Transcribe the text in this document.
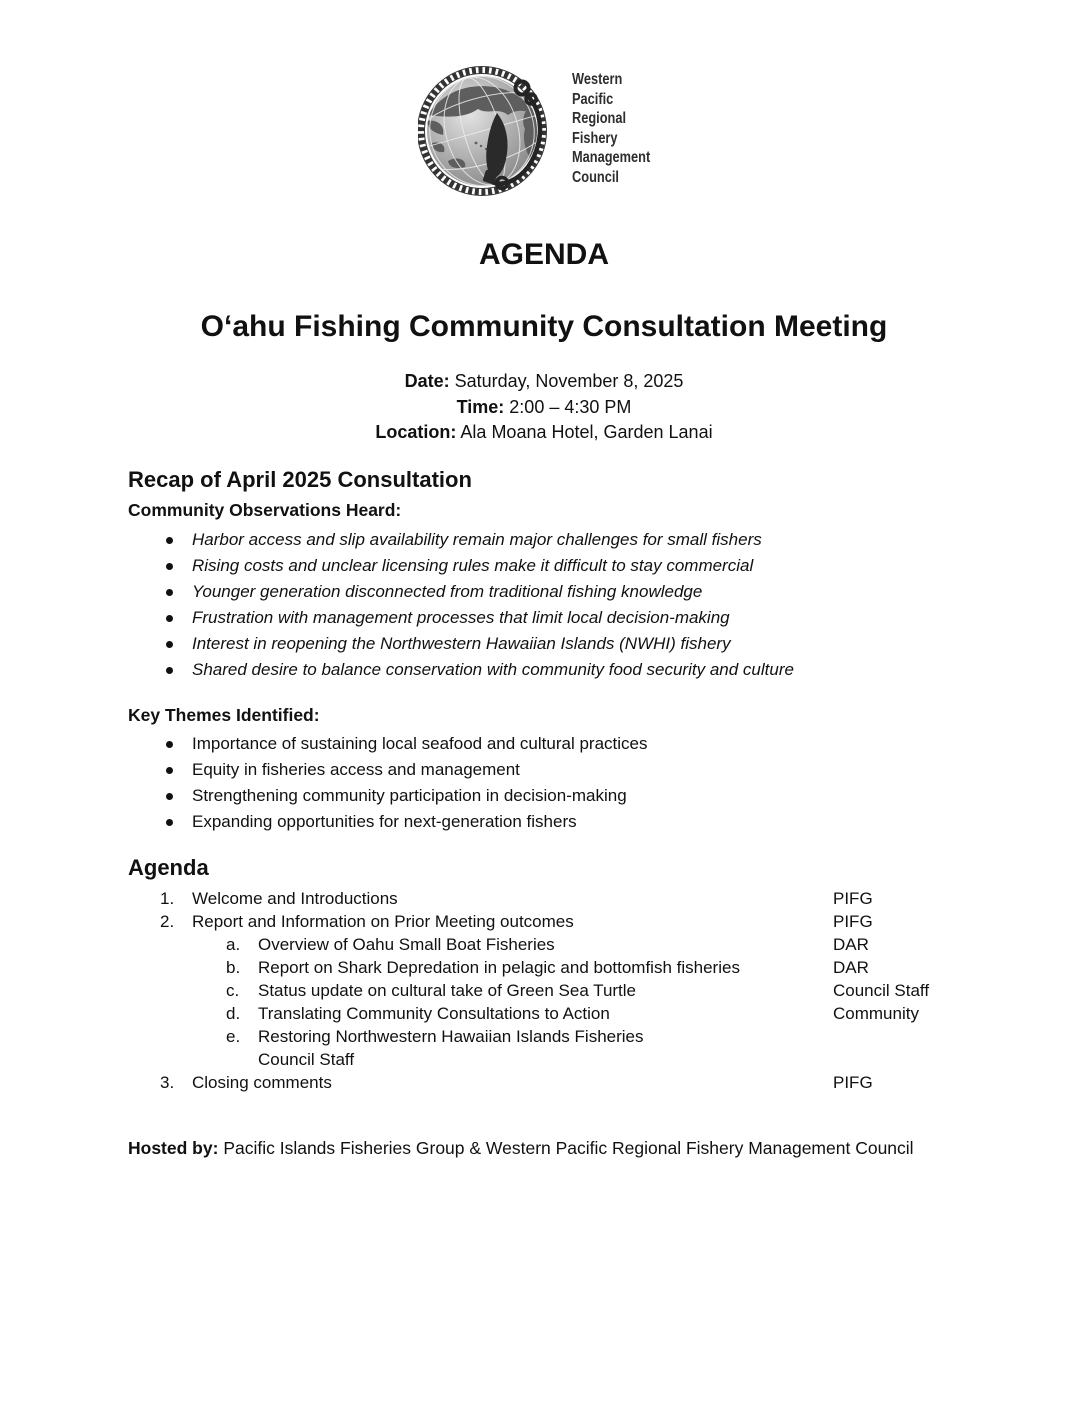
Western
Pacific
Regional
Fishery
Management
Council
AGENDA
O‘ahu Fishing Community Consultation Meeting
Date: Saturday, November 8, 2025
Time: 2:00 – 4:30 PM
Location: Ala Moana Hotel, Garden Lanai
Recap of April 2025 Consultation
Community Observations Heard:
Harbor access and slip availability remain major challenges for small fishers
Rising costs and unclear licensing rules make it difficult to stay commercial
Younger generation disconnected from traditional fishing knowledge
Frustration with management processes that limit local decision-making
Interest in reopening the Northwestern Hawaiian Islands (NWHI) fishery
Shared desire to balance conservation with community food security and culture
Key Themes Identified:
Importance of sustaining local seafood and cultural practices
Equity in fisheries access and management
Strengthening community participation in decision-making
Expanding opportunities for next-generation fishers
Agenda
1. Welcome and Introductions	PIFG
2. Report and Information on Prior Meeting outcomes	PIFG
a. Overview of Oahu Small Boat Fisheries	DAR
b. Report on Shark Depredation in pelagic and bottomfish fisheries	DAR
c. Status update on cultural take of Green Sea Turtle	Council Staff
d. Translating Community Consultations to Action	Community
e. Restoring Northwestern Hawaiian Islands Fisheries
Council Staff
3. Closing comments	PIFG

Hosted by: Pacific Islands Fisheries Group & Western Pacific Regional Fishery Management Council
